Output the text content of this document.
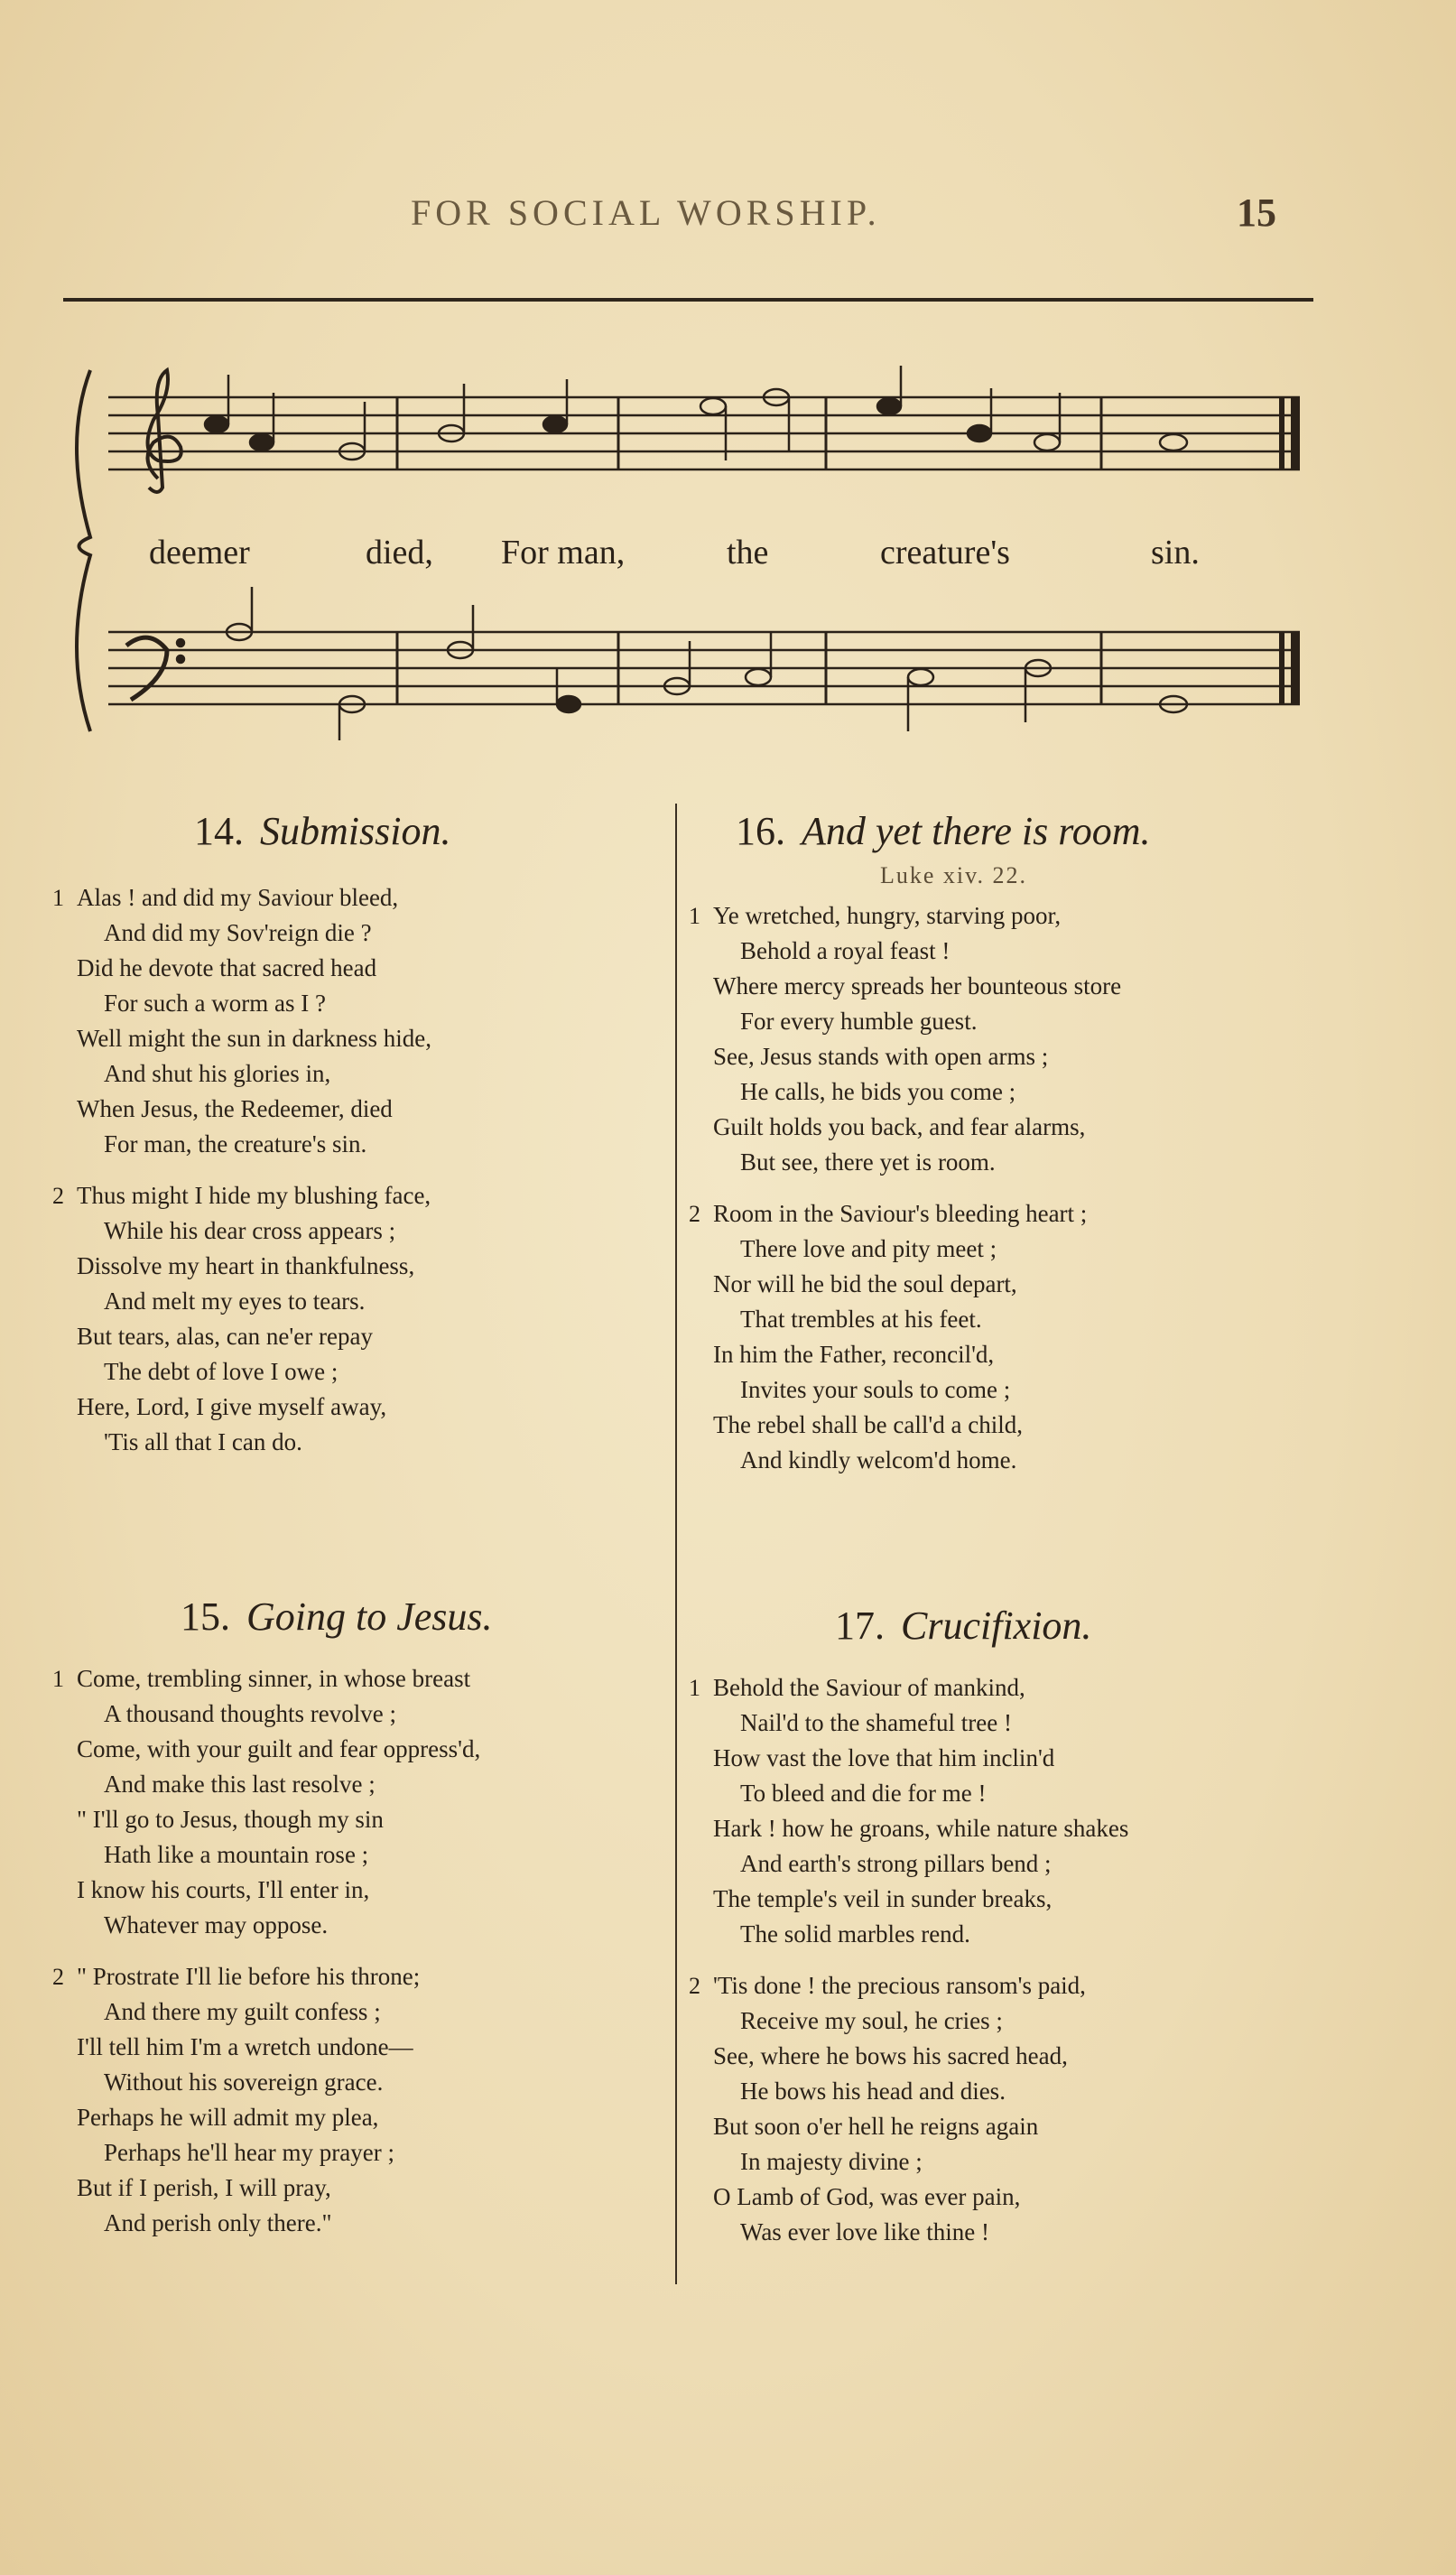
FOR SOCIAL WORSHIP.	15
deemer	died, For man,	the	creature's	sin.
14. Submission.
1 Alas ! and did my Saviour bleed,
And did my Sov'reign die ?
Did he devote that sacred head
For such a worm as I ?
Well might the sun in darkness hide,
And shut his glories in,
When Jesus, the Redeemer, died
For man, the creature's sin.
2 Thus might I hide my blushing face,
While his dear cross appears ;
Dissolve my heart in thankfulness,
And melt my eyes to tears.
But tears, alas, can ne'er repay
The debt of love I owe ;
Here, Lord, I give myself away,
'Tis all that I can do.
15. Going to Jesus.
1 Come, trembling sinner, in whose breast
A thousand thoughts revolve ;
Come, with your guilt and fear oppress'd,
And make this last resolve ;
" I'll go to Jesus, though my sin
Hath like a mountain rose ;
I know his courts, I'll enter in,
Whatever may oppose.
2 " Prostrate I'll lie before his throne;
And there my guilt confess ;
I'll tell him I'm a wretch undone—
Without his sovereign grace.
Perhaps he will admit my plea,
Perhaps he'll hear my prayer ;
But if I perish, I will pray,
And perish only there."
16. And yet there is room.
Luke xiv. 22.
1 Ye wretched, hungry, starving poor,
Behold a royal feast !
Where mercy spreads her bounteous store
For every humble guest.
See, Jesus stands with open arms ;
He calls, he bids you come ;
Guilt holds you back, and fear alarms,
But see, there yet is room.
2 Room in the Saviour's bleeding heart ;
There love and pity meet ;
Nor will he bid the soul depart,
That trembles at his feet.
In him the Father, reconcil'd,
Invites your souls to come ;
The rebel shall be call'd a child,
And kindly welcom'd home.
17. Crucifixion.
1 Behold the Saviour of mankind,
Nail'd to the shameful tree !
How vast the love that him inclin'd
To bleed and die for me !
Hark ! how he groans, while nature shakes
And earth's strong pillars bend ;
The temple's veil in sunder breaks,
The solid marbles rend.
2 'Tis done ! the precious ransom's paid,
Receive my soul, he cries ;
See, where he bows his sacred head,
He bows his head and dies.
But soon o'er hell he reigns again
In majesty divine ;
O Lamb of God, was ever pain,
Was ever love like thine !
